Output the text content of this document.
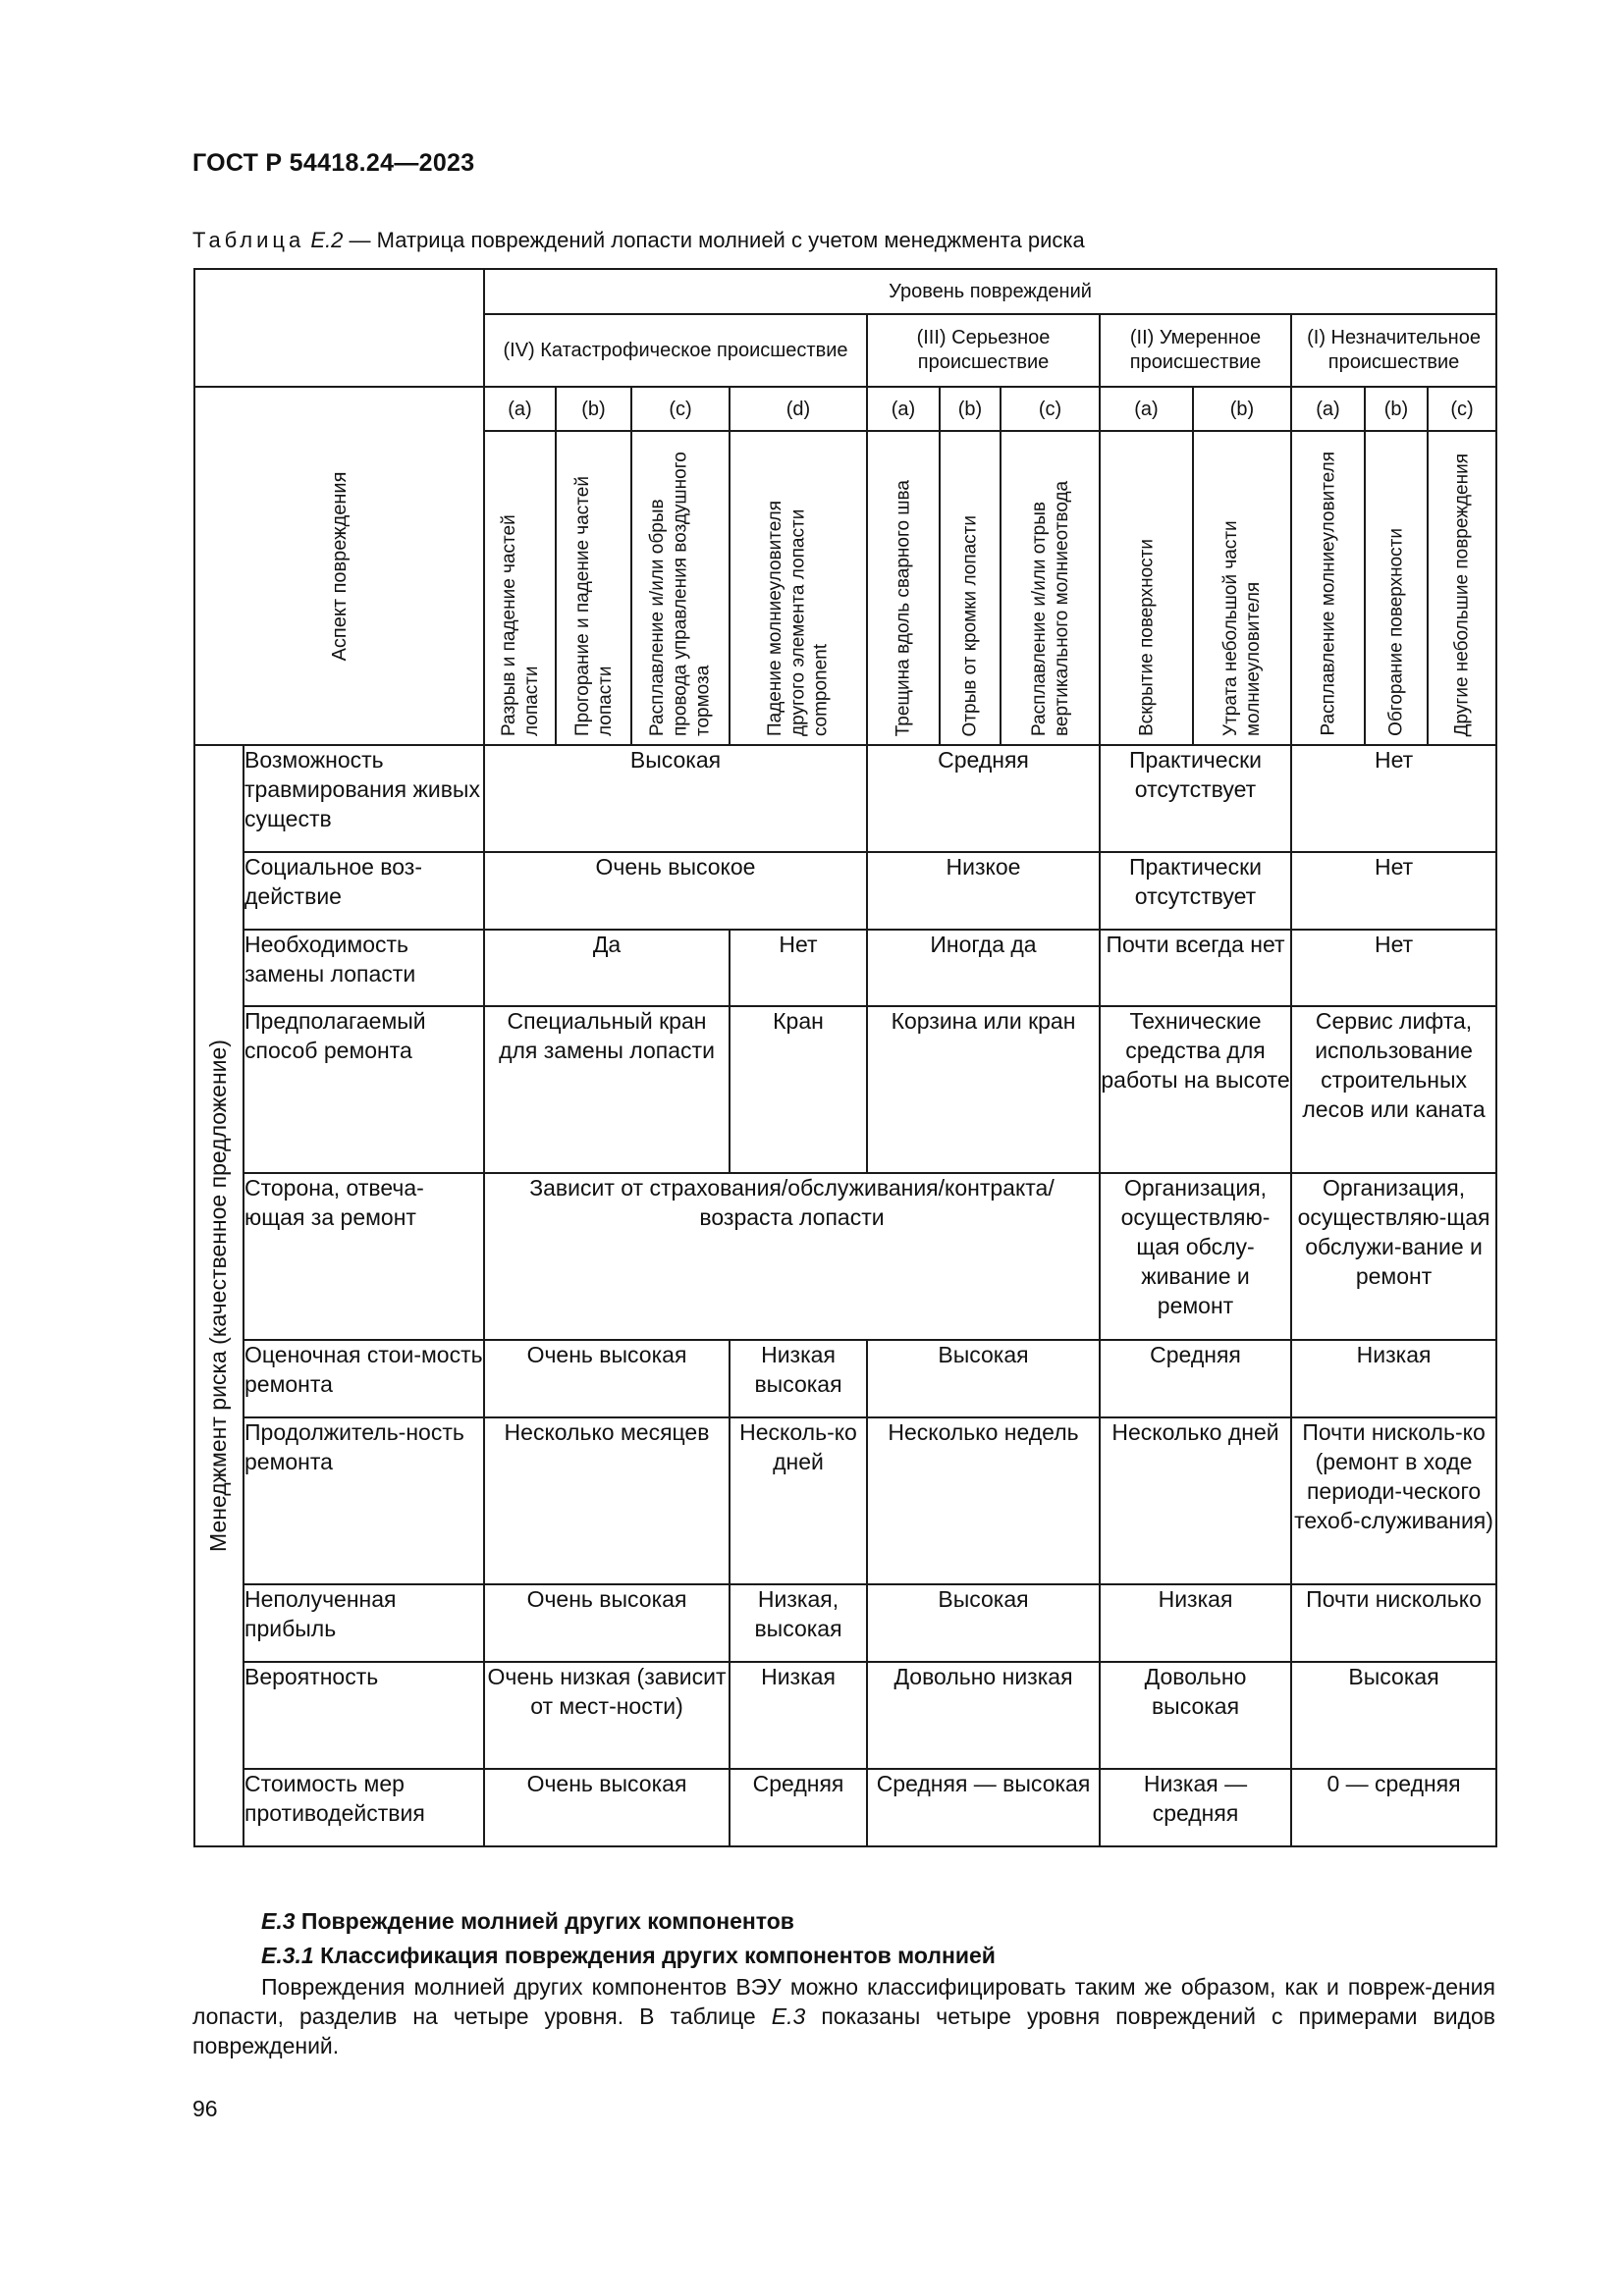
ГОСТ Р 54418.24—2023
Таблица Е.2 — Матрица повреждений лопасти молнией с учетом менеджмента риска
		Уровень повреждений											
		(IV) Катастрофическое происшествие				(III) Серьезное происшествие			(II) Умеренное происшествие		(I) Незначительное происшествие		

Аспект повреждения		(a)	(b)	(c)	(d)	(a)	(b)	(c)	(a)	(b)	(a)	(b)	(c)

		Разрыв и падение частей лопасти	Прогорание и падение частей лопасти	Расплавление и/или обрыв провода управления воздушного тормоза	Падение молниеуловителя другого элемента лопасти component	Трещина вдоль сварного шва	Отрыв от кромки лопасти	Расплавление и/или отрыв вертикального молниеотвода	Вскрытие поверхности	Утрата небольшой части молниеуловителя	Расплавление молниеуловителя	Обгорание поверхности	Другие небольшие повреждения

Менеджмент риска (качественное предложение)	Возможность травмирования живых существ	Высокая				Средняя			Практически отсутствует		Нет		
	Социальное воз-действие	Очень высокое				Низкое			Практически отсутствует		Нет		
	Необходимость замены лопасти	Да			Нет	Иногда да			Почти всегда нет		Нет		
	Предполагаемый способ ремонта	Специальный кран для замены лопасти			Кран	Корзина или кран			Технические средства для работы на высоте		Сервис лифта, использование строительных лесов или каната		
	Сторона, отвеча-ющая за ремонт	Зависит от страхования/обслуживания/контракта/ возраста лопасти							Организация, осуществляю-щая обслу-живание и ремонт		Организация, осуществляю-щая обслужи-вание и ремонт		
	Оценочная стои-мость ремонта	Очень высокая			Низкая высокая	Высокая			Средняя		Низкая		
	Продолжитель-ность ремонта	Несколько месяцев			Несколь-ко дней	Несколько недель			Несколько дней		Почти нисколь-ко (ремонт в ходе периоди-ческого техоб-служивания)		
	Неполученная прибыль	Очень высокая			Низкая, высокая	Высокая			Низкая		Почти нисколько		
	Вероятность	Очень низкая (зависит от мест-ности)			Низкая	Довольно низкая			Довольно высокая		Высокая		
	Стоимость мер противодействия	Очень высокая			Средняя	Средняя — высокая			Низкая — средняя		0 — средняя		
Е.3 Повреждение молнией других компонентов
Е.3.1 Классификация повреждения других компонентов молнией
Повреждения молнией других компонентов ВЭУ можно классифицировать таким же образом, как и повреж-дения лопасти, разделив на четыре уровня. В таблице Е.3 показаны четыре уровня повреждений с примерами видов повреждений.
96
